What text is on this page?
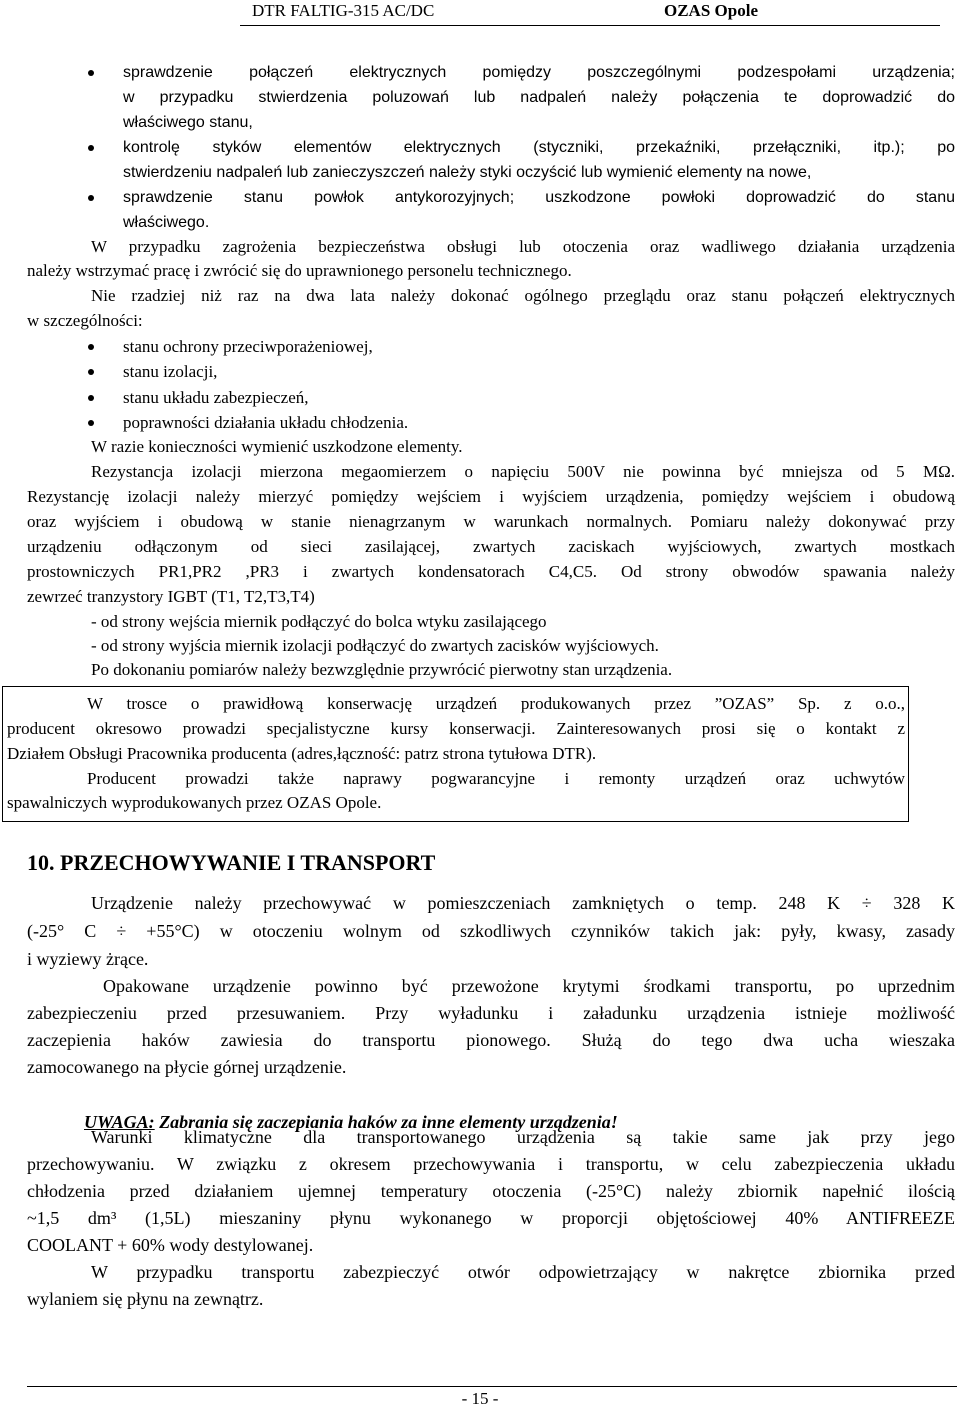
DTR FALTIG-315 AC/DC	OZAS Opole
sprawdzenie połączeń elektrycznych pomiędzy poszczególnymi podzespołami urządzenia;
w przypadku stwierdzenia poluzowań lub nadpaleń należy połączenia te doprowadzić do
właściwego stanu,
kontrolę styków elementów elektrycznych (styczniki, przekaźniki, przełączniki, itp.); po
stwierdzeniu nadpaleń lub zanieczyszczeń należy styki oczyścić lub wymienić elementy na nowe,
sprawdzenie stanu powłok antykorozyjnych; uszkodzone powłoki doprowadzić do stanu
właściwego.
W przypadku zagrożenia bezpieczeństwa obsługi lub otoczenia oraz wadliwego działania urządzenia
należy wstrzymać pracę i zwrócić się do uprawnionego personelu technicznego.
Nie rzadziej niż raz na dwa lata należy dokonać ogólnego przeglądu oraz stanu połączeń elektrycznych
w szczególności:
stanu ochrony przeciwporażeniowej,
stanu izolacji,
stanu układu zabezpieczeń,
poprawności działania układu chłodzenia.
W razie konieczności wymienić uszkodzone elementy.
Rezystancja izolacji mierzona megaomierzem o napięciu 500V nie powinna być mniejsza od 5 MΩ.
Rezystancję izolacji należy mierzyć pomiędzy wejściem i wyjściem urządzenia, pomiędzy wejściem i obudową
oraz wyjściem i obudową w stanie nienagrzanym w warunkach normalnych. Pomiaru należy dokonywać przy
urządzeniu odłączonym od sieci zasilającej, zwartych zaciskach wyjściowych, zwartych mostkach
prostowniczych PR1,PR2 ,PR3 i zwartych kondensatorach C4,C5. Od strony obwodów spawania należy
zewrzeć tranzystory IGBT (T1, T2,T3,T4)
- od strony wejścia miernik podłączyć do bolca wtyku zasilającego
- od strony wyjścia miernik izolacji podłączyć do zwartych zacisków wyjściowych.
Po dokonaniu pomiarów należy bezwzględnie przywrócić pierwotny stan urządzenia.
W trosce o prawidłową konserwację urządzeń produkowanych przez ”OZAS” Sp. z o.o.,
producent okresowo prowadzi specjalistyczne kursy konserwacji. Zainteresowanych prosi się o kontakt z
Działem Obsługi Pracownika producenta (adres,łączność: patrz strona tytułowa DTR).
Producent prowadzi także naprawy pogwarancyjne i remonty urządzeń oraz uchwytów
spawalniczych wyprodukowanych przez OZAS Opole.
10. PRZECHOWYWANIE I TRANSPORT
Urządzenie należy przechowywać w pomieszczeniach zamkniętych o temp. 248 K ÷ 328 K
(-25° C ÷ +55°C) w otoczeniu wolnym od szkodliwych czynników takich jak: pyły, kwasy, zasady
i wyziewy żrące.
Opakowane urządzenie powinno być przewożone krytymi środkami transportu, po uprzednim
zabezpieczeniu przed przesuwaniem. Przy wyładunku i załadunku urządzenia istnieje możliwość
zaczepienia haków zawiesia do transportu pionowego. Służą do tego dwa ucha wieszaka
zamocowanego na płycie górnej urządzenie.
UWAGA: Zabrania się zaczepiania haków za inne elementy urządzenia!
Warunki klimatyczne dla transportowanego urządzenia są takie same jak przy jego
przechowywaniu. W związku z okresem przechowywania i transportu, w celu zabezpieczenia układu
chłodzenia przed działaniem ujemnej temperatury otoczenia (-25°C) należy zbiornik napełnić ilością
~1,5 dm³ (1,5L) mieszaniny płynu wykonanego w proporcji objętościowej 40% ANTIFREEZE
COOLANT + 60% wody destylowanej.
W przypadku transportu zabezpieczyć otwór odpowietrzający w nakrętce zbiornika przed
wylaniem się płynu na zewnątrz.
- 15 -
